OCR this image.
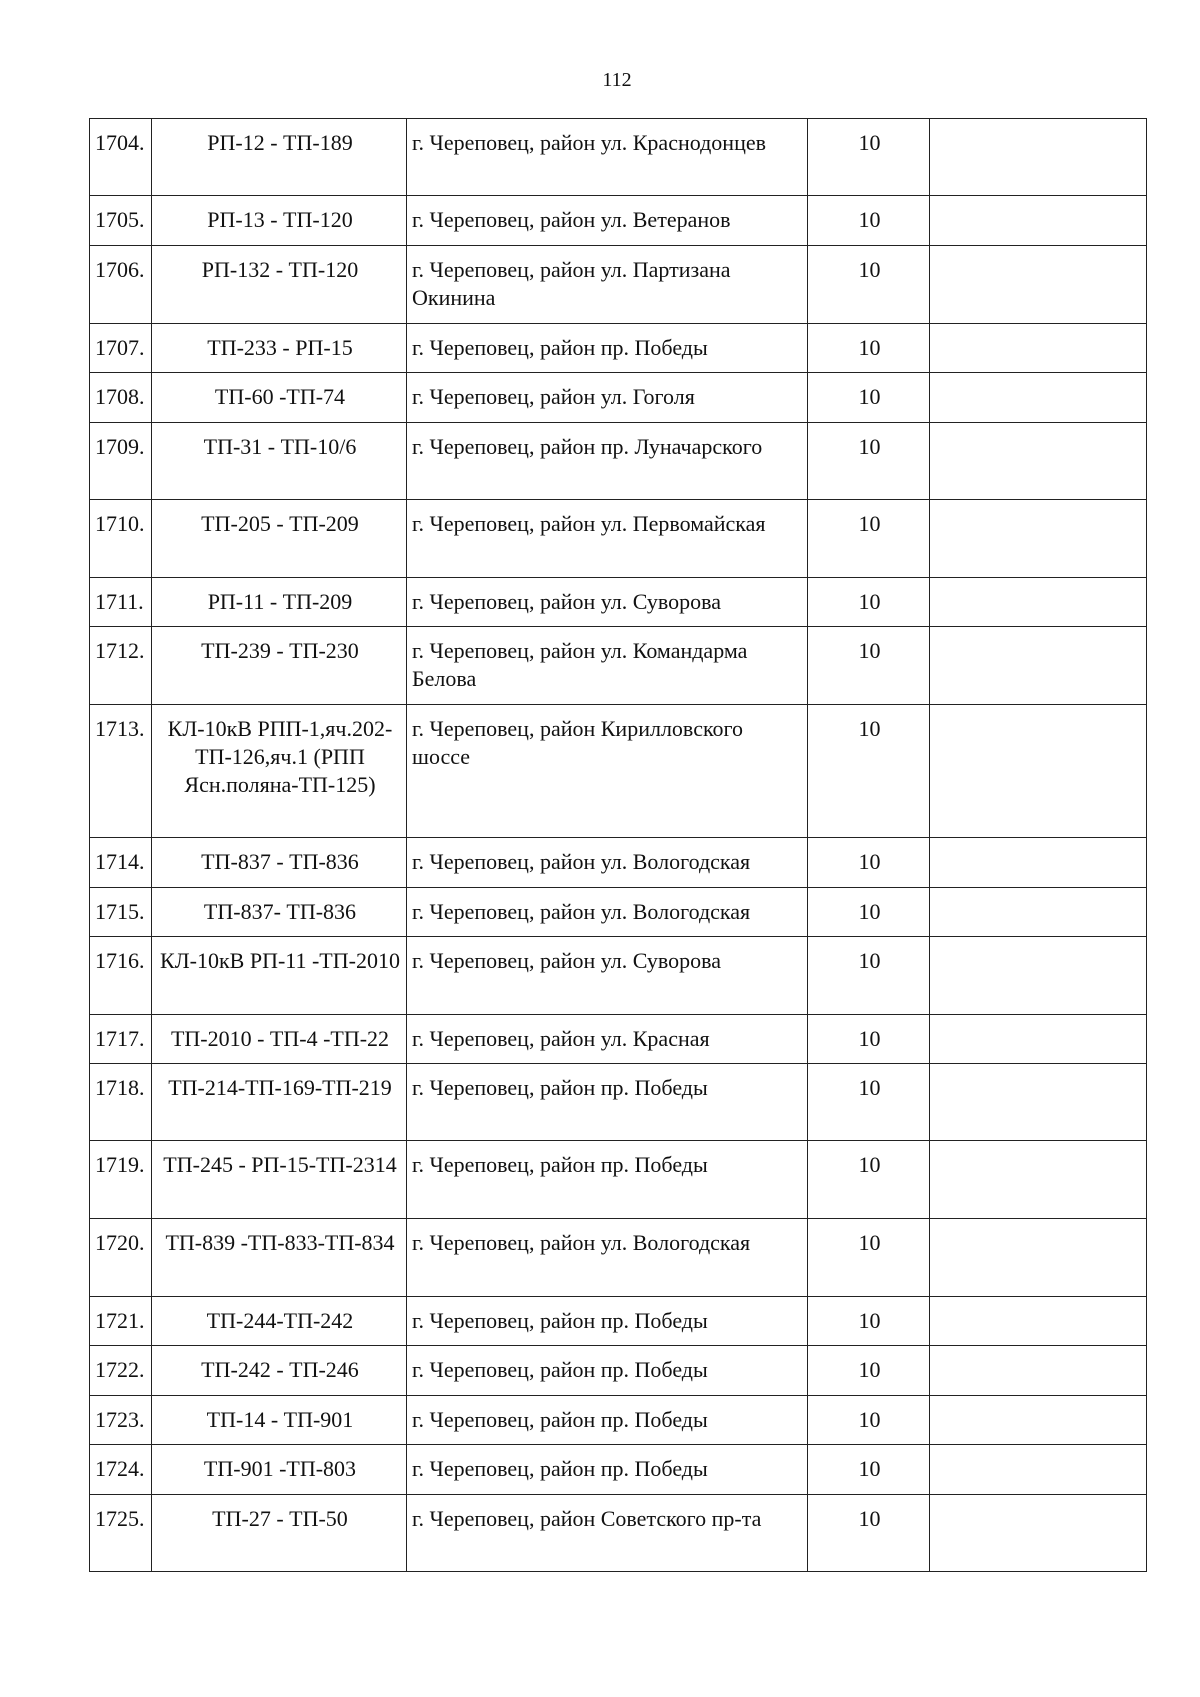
112
1704.	РП-12 - ТП-189	г. Череповец, район ул. Краснодонцев	10	
1705.	РП-13 - ТП-120	г. Череповец, район ул. Ветеранов	10	
1706.	РП-132 - ТП-120	г. Череповец, район ул. Партизана Окинина	10	
1707.	ТП-233 - РП-15	г. Череповец, район пр. Победы	10	
1708.	ТП-60 -ТП-74	г. Череповец, район ул. Гоголя	10	
1709.	ТП-31 - ТП-10/6	г. Череповец, район пр. Луначарского	10	
1710.	ТП-205 - ТП-209	г. Череповец, район ул. Первомайская	10	
1711.	РП-11 - ТП-209	г. Череповец, район ул. Суворова	10	
1712.	ТП-239 - ТП-230	г. Череповец, район ул. Командарма Белова	10	
1713.	КЛ-10кВ РПП-1,яч.202-ТП-126,яч.1 (РПП Ясн.поляна-ТП-125)	г. Череповец, район Кирилловского шоссе	10	
1714.	ТП-837 - ТП-836	г. Череповец, район ул. Вологодская	10	
1715.	ТП-837- ТП-836	г. Череповец, район ул. Вологодская	10	
1716.	КЛ-10кВ РП-11 -ТП-2010	г. Череповец, район ул. Суворова	10	
1717.	ТП-2010 - ТП-4 -ТП-22	г. Череповец, район ул. Красная	10	
1718.	ТП-214-ТП-169-ТП-219	г. Череповец, район пр. Победы	10	
1719.	ТП-245 - РП-15-ТП-2314	г. Череповец, район пр. Победы	10	
1720.	ТП-839 -ТП-833-ТП-834	г. Череповец, район ул. Вологодская	10	
1721.	ТП-244-ТП-242	г. Череповец, район пр. Победы	10	
1722.	ТП-242 - ТП-246	г. Череповец, район пр. Победы	10	
1723.	ТП-14 - ТП-901	г. Череповец, район пр. Победы	10	
1724.	ТП-901 -ТП-803	г. Череповец, район пр. Победы	10	
1725.	ТП-27 - ТП-50	г. Череповец, район Советского пр-та	10	
